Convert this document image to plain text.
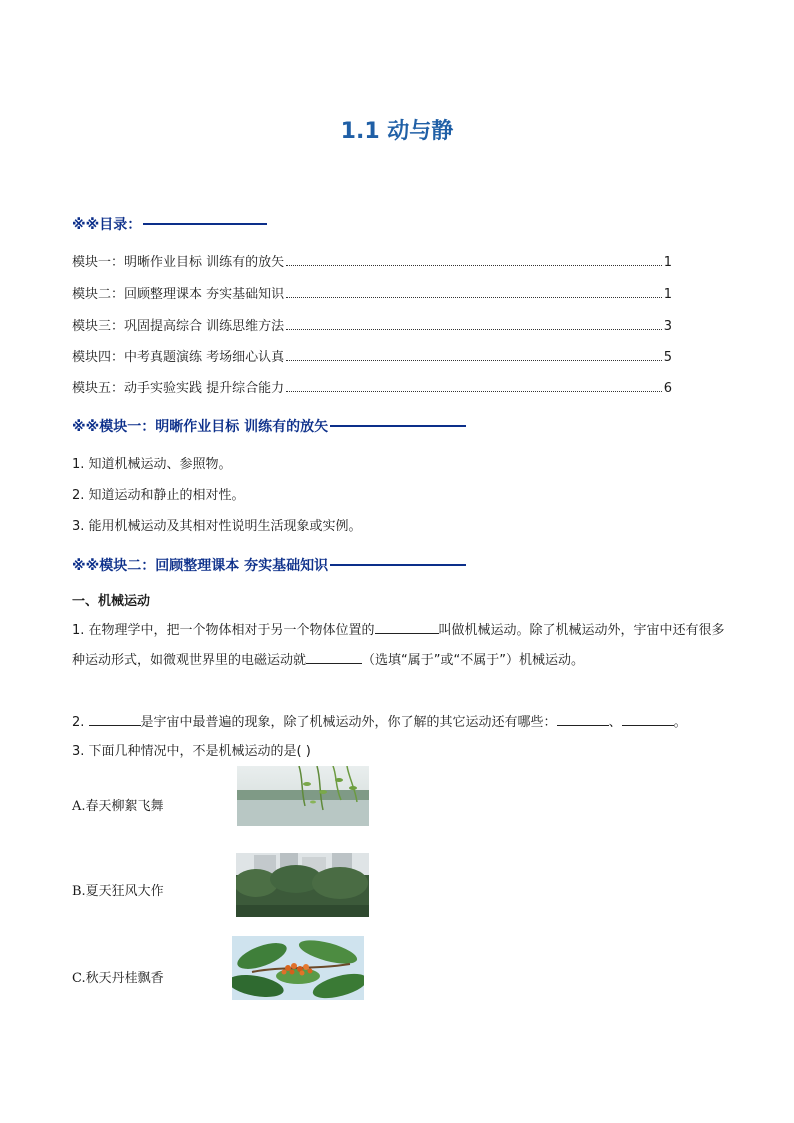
1.1 动与静
※※目录：
模块一：明晰作业目标 训练有的放矢	1
模块二：回顾整理课本 夯实基础知识	1
模块三：巩固提高综合 训练思维方法	3
模块四：中考真题演练 考场细心认真	5
模块五：动手实验实践 提升综合能力	6
※※模块一：明晰作业目标 训练有的放矢
1. 知道机械运动、参照物。
2. 知道运动和静止的相对性。
3. 能用机械运动及其相对性说明生活现象或实例。
※※模块二：回顾整理课本 夯实基础知识
一、机械运动
1. 在物理学中，把一个物体相对于另一个物体位置的	叫做机械运动。除了机械运动外，宇宙中还有很多种运动形式，如微观世界里的电磁运动就	（选填“属于”或“不属于”）机械运动。
2.	是宇宙中最普遍的现象，除了机械运动外，你了解的其它运动还有哪些：	、	。
3. 下面几种情况中，不是机械运动的是( )
A.春天柳絮飞舞
B.夏天狂风大作
C.秋天丹桂飘香
